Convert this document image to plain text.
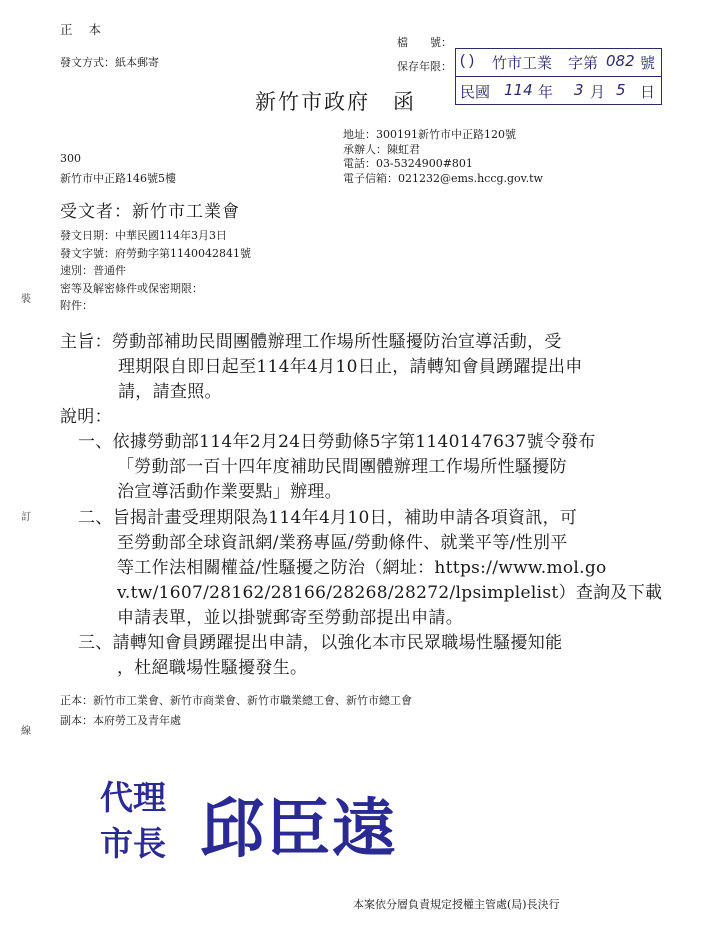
正 本
發文方式：紙本郵寄
檔　　號：
保存年限： ( ) 竹市工業 字第 082 號
民國 114 年 3 月 5 日
新竹市政府　函
地址：300191新竹市中正路120號
承辦人：陳虹君
電話：03-5324900#801
電子信箱：021232@ems.hccg.gov.tw
300
新竹市中正路146號5樓
受文者：新竹市工業會
發文日期：中華民國114年3月3日
發文字號：府勞動字第1140042841號
速別：普通件
密等及解密條件或保密期限：
附件：
主旨：勞動部補助民間團體辦理工作場所性騷擾防治宣導活動，受
理期限自即日起至114年4月10日止，請轉知會員踴躍提出申
請，請查照。
說明：
一、依據勞動部114年2月24日勞動條5字第1140147637號令發布
「勞動部一百十四年度補助民間團體辦理工作場所性騷擾防
治宣導活動作業要點」辦理。
二、旨揭計畫受理期限為114年4月10日，補助申請各項資訊，可
至勞動部全球資訊網/業務專區/勞動條件、就業平等/性別平
等工作法相關權益/性騷擾之防治（網址：https://www.mol.go
v.tw/1607/28162/28166/28268/28272/lpsimplelist）查詢及下載
申請表單，並以掛號郵寄至勞動部提出申請。
三、請轉知會員踴躍提出申請，以強化本市民眾職場性騷擾知能
，杜絕職場性騷擾發生。
正本：新竹市工業會、新竹市商業會、新竹市職業總工會、新竹市總工會
副本：本府勞工及青年處
裝
訂
線
代理
市長 邱臣遠
本案依分層負責規定授權主管處(局)長決行
